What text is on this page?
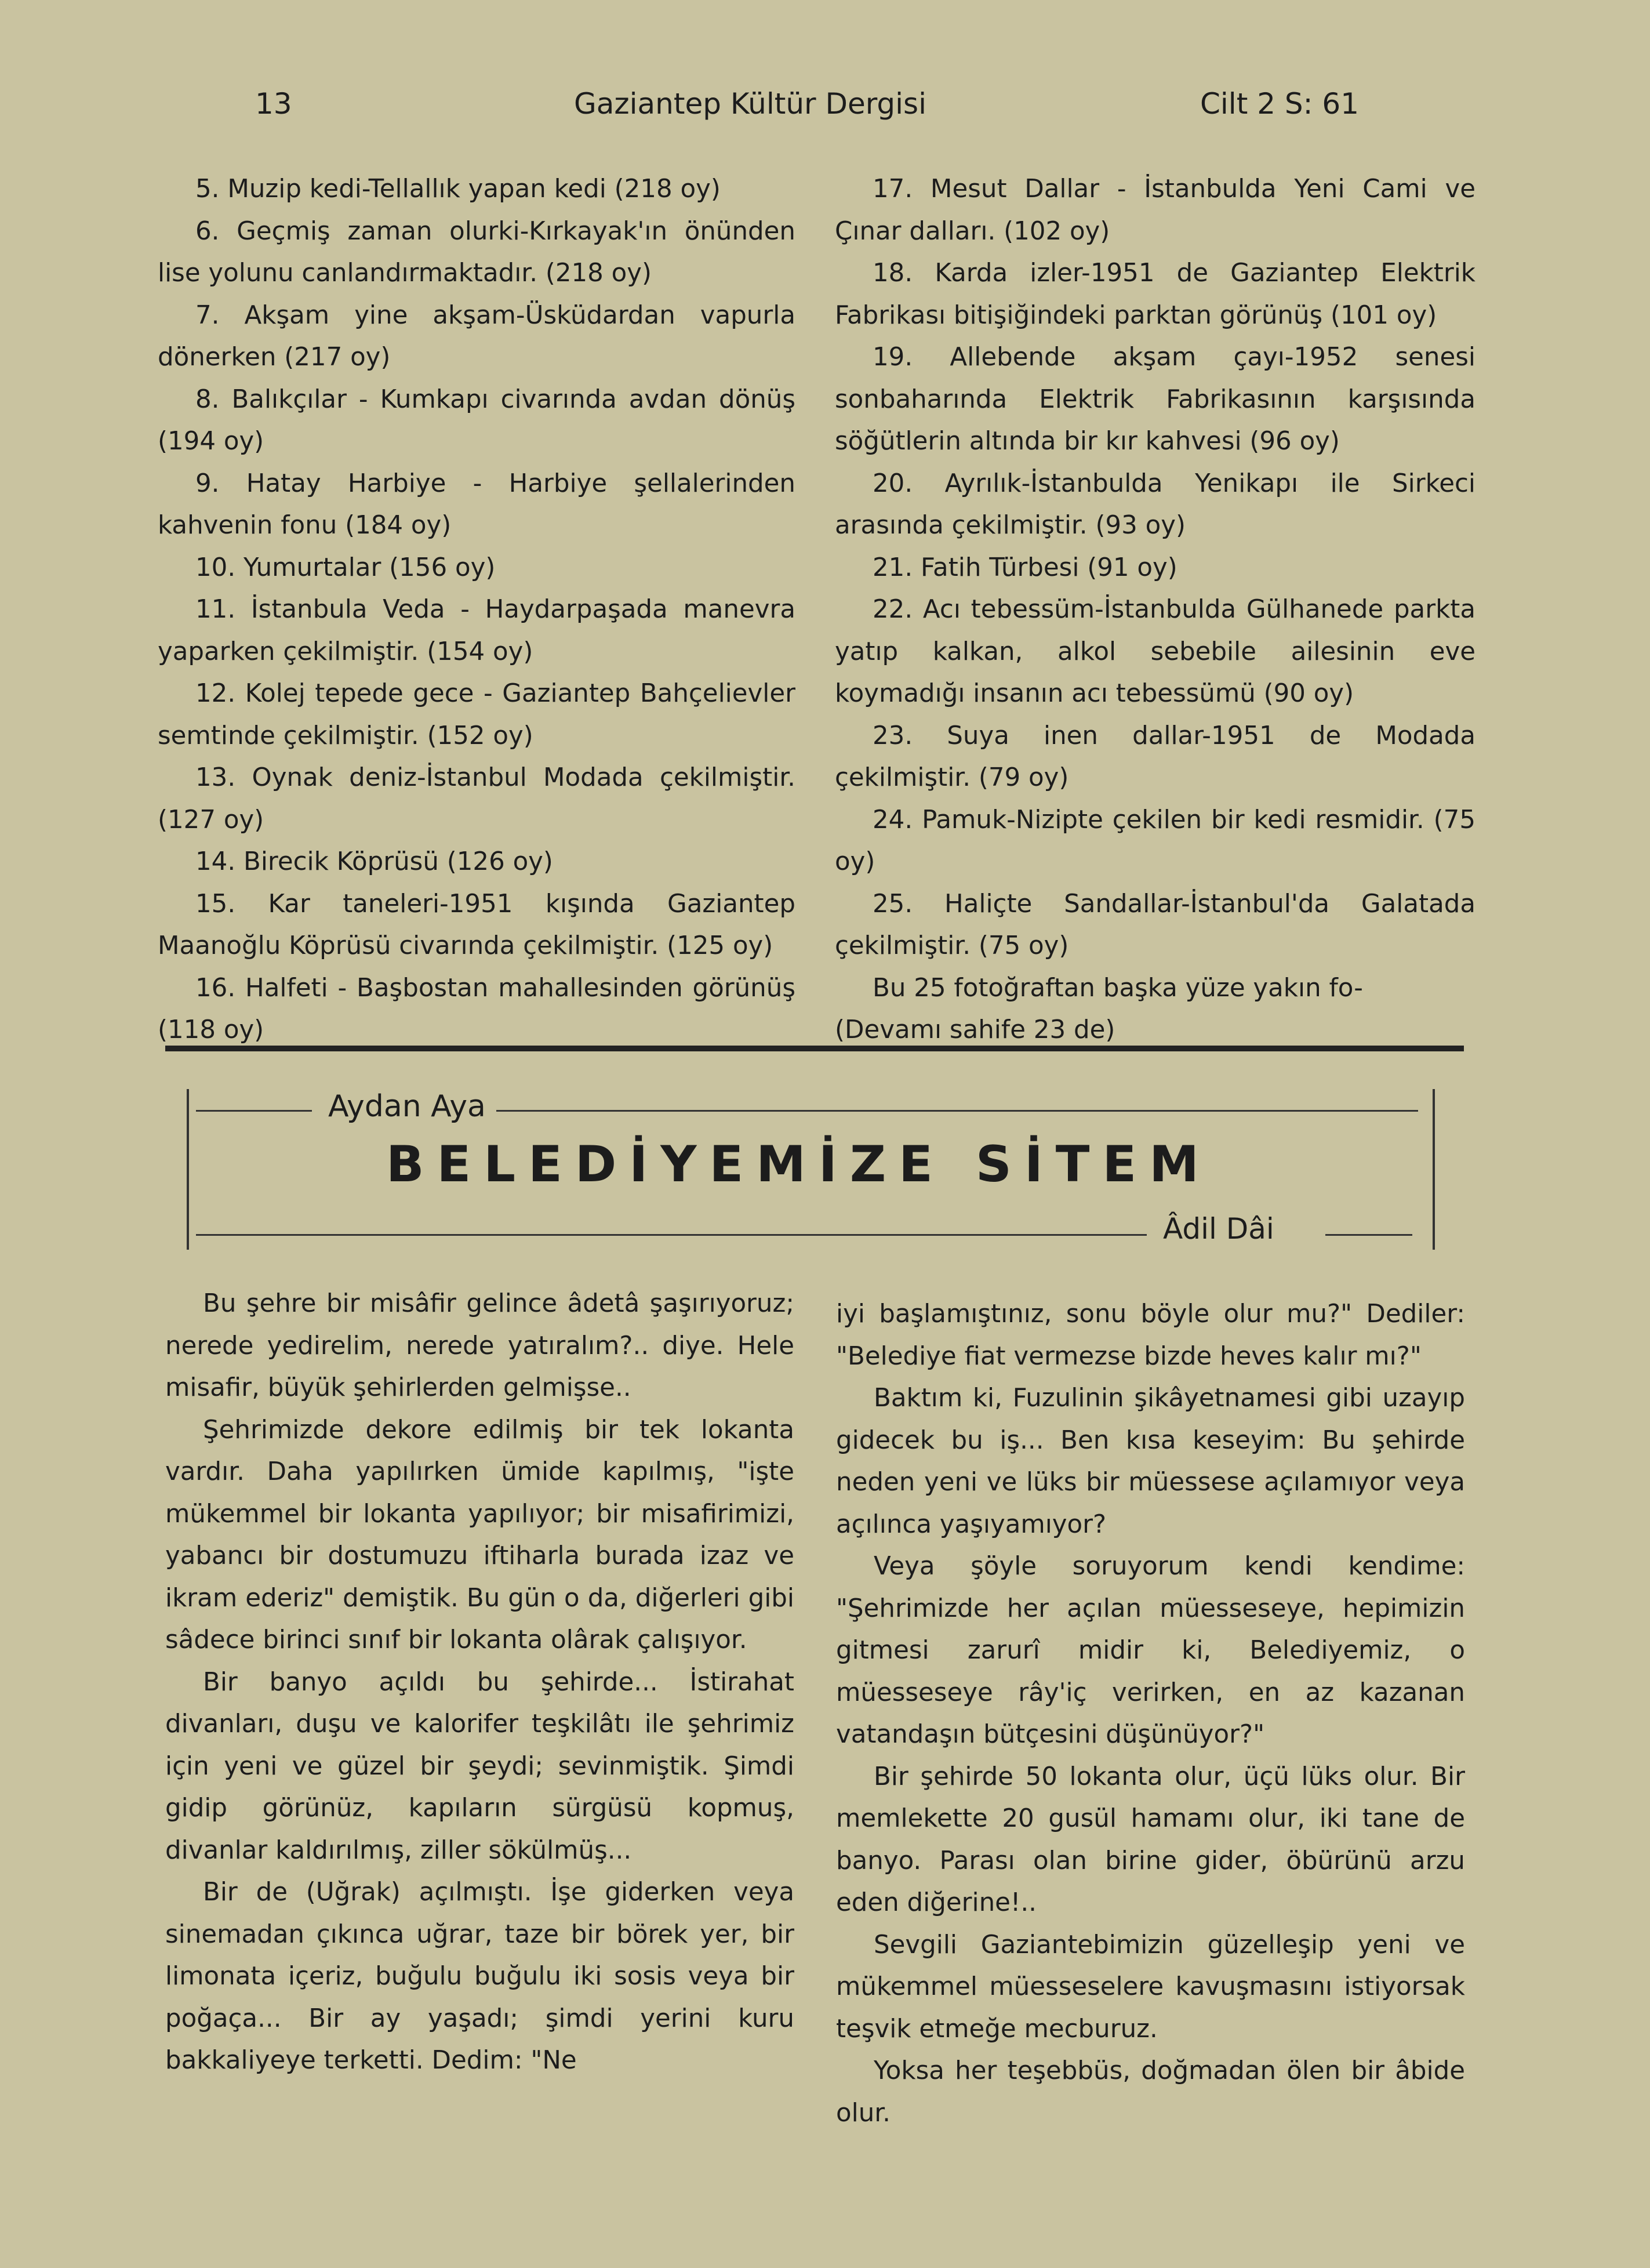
13	Gaziantep Kültür Dergisi	Cilt 2 S: 61

5. Muzip kedi-Tellallık yapan kedi (218 oy)

6. Geçmiş zaman olurki-Kırkayak'ın önünden lise yolunu canlandırmaktadır. (218 oy)

7. Akşam yine akşam-Üsküdardan vapurla dönerken (217 oy)

8. Balıkçılar - Kumkapı civarında avdan dönüş (194 oy)

9. Hatay Harbiye - Harbiye şellalerinden kahvenin fonu (184 oy)

10. Yumurtalar (156 oy)

11. İstanbula Veda - Haydarpaşada manevra yaparken çekilmiştir. (154 oy)

12. Kolej tepede gece - Gaziantep Bahçelievler semtinde çekilmiştir. (152 oy)

13. Oynak deniz-İstanbul Modada çekilmiştir. (127 oy)

14. Birecik Köprüsü (126 oy)

15. Kar taneleri-1951 kışında Gaziantep Maanoğlu Köprüsü civarında çekilmiştir. (125 oy)

16. Halfeti - Başbostan mahallesinden görünüş (118 oy)

17. Mesut Dallar - İstanbulda Yeni Cami ve Çınar dalları. (102 oy)

18. Karda izler-1951 de Gaziantep Elektrik Fabrikası bitişiğindeki parktan görünüş (101 oy)

19. Allebende akşam çayı-1952 senesi sonbaharında Elektrik Fabrikasının karşısında söğütlerin altında bir kır kahvesi (96 oy)

20. Ayrılık-İstanbulda Yenikapı ile Sirkeci arasında çekilmiştir. (93 oy)

21. Fatih Türbesi (91 oy)

22. Acı tebessüm-İstanbulda Gülhanede parkta yatıp kalkan, alkol sebebile ailesinin eve koymadığı insanın acı tebessümü (90 oy)

23. Suya inen dallar-1951 de Modada çekilmiştir. (79 oy)

24. Pamuk-Nizipte çekilen bir kedi resmidir. (75 oy)

25. Haliçte Sandallar-İstanbul'da Galatada çekilmiştir. (75 oy)

Bu 25 fotoğraftan başka yüze yakın fo-

(Devamı sahife 23 de)

Aydan Aya
BELEDİYEMİZE SİTEM
Âdil Dâi

Bu şehre bir misâfir gelince âdetâ şaşırıyoruz; nerede yedirelim, nerede yatıralım?.. diye. Hele misafir, büyük şehirlerden gelmişse..

Şehrimizde dekore edilmiş bir tek lokanta vardır. Daha yapılırken ümide kapılmış, "işte mükemmel bir lokanta yapılıyor; bir misafirimizi, yabancı bir dostumuzu iftiharla burada izaz ve ikram ederiz" demiştik. Bu gün o da, diğerleri gibi sâdece birinci sınıf bir lokanta olârak çalışıyor.

Bir banyo açıldı bu şehirde... İstirahat divanları, duşu ve kalorifer teşkilâtı ile şehrimiz için yeni ve güzel bir şeydi; sevinmiştik. Şimdi gidip görünüz, kapıların sürgüsü kopmuş, divanlar kaldırılmış, ziller sökülmüş...

Bir de (Uğrak) açılmıştı. İşe giderken veya sinemadan çıkınca uğrar, taze bir börek yer, bir limonata içeriz, buğulu buğulu iki sosis veya bir poğaça... Bir ay yaşadı; şimdi yerini kuru bakkaliyeye terketti. Dedim: "Ne

iyi başlamıştınız, sonu böyle olur mu?" Dediler: "Belediye fiat vermezse bizde heves kalır mı?"

Baktım ki, Fuzulinin şikâyetnamesi gibi uzayıp gidecek bu iş... Ben kısa keseyim: Bu şehirde neden yeni ve lüks bir müessese açılamıyor veya açılınca yaşıyamıyor?

Veya şöyle soruyorum kendi kendime: "Şehrimizde her açılan müesseseye, hepimizin gitmesi zarurî midir ki, Belediyemiz, o müesseseye rây'iç verirken, en az kazanan vatandaşın bütçesini düşünüyor?"

Bir şehirde 50 lokanta olur, üçü lüks olur. Bir memlekette 20 gusül hamamı olur, iki tane de banyo. Parası olan birine gider, öbürünü arzu eden diğerine!..

Sevgili Gaziantebimizin güzelleşip yeni ve mükemmel müesseselere kavuşmasını istiyorsak teşvik etmeğe mecburuz.

Yoksa her teşebbüs, doğmadan ölen bir âbide olur.
